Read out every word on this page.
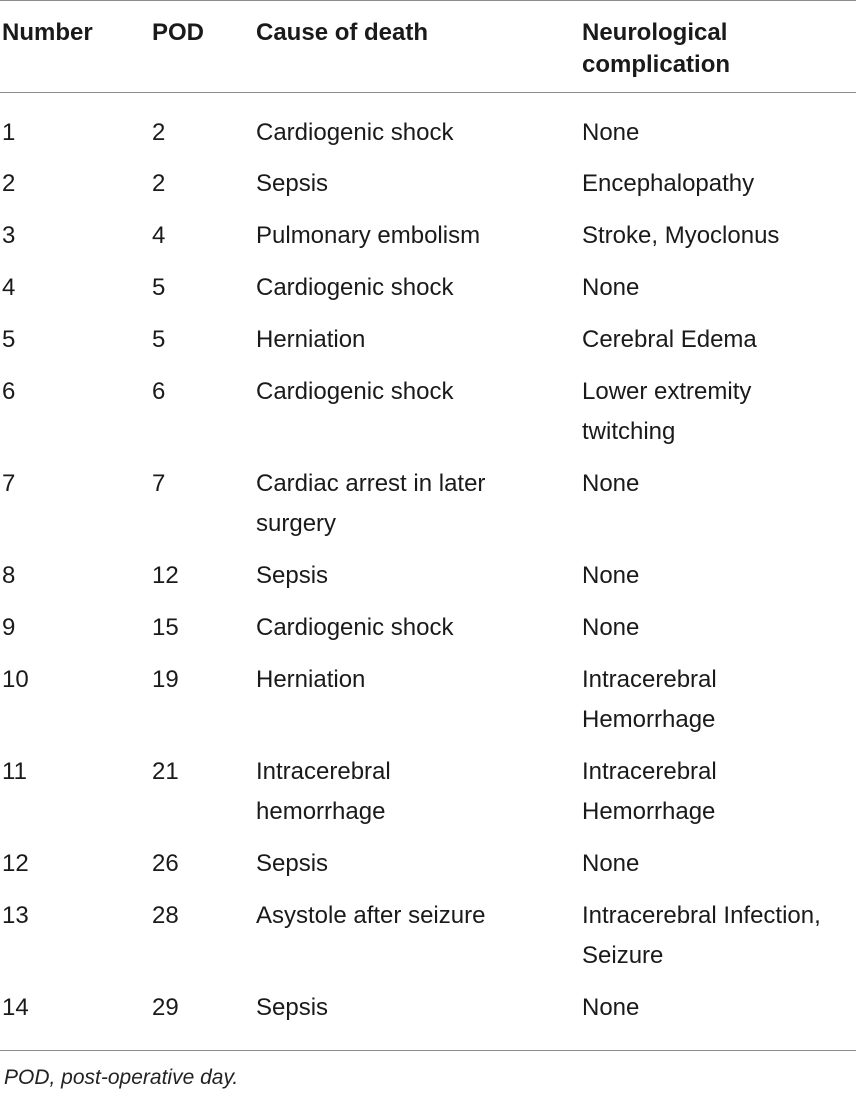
Number	POD	Cause of death	Neurological complication
1	2	Cardiogenic shock	None
2	2	Sepsis	Encephalopathy
3	4	Pulmonary embolism	Stroke, Myoclonus
4	5	Cardiogenic shock	None
5	5	Herniation	Cerebral Edema
6	6	Cardiogenic shock	Lower extremity twitching
7	7	Cardiac arrest in later surgery	None
8	12	Sepsis	None
9	15	Cardiogenic shock	None
10	19	Herniation	Intracerebral Hemorrhage
11	21	Intracerebral hemorrhage	Intracerebral Hemorrhage
12	26	Sepsis	None
13	28	Asystole after seizure	Intracerebral Infection, Seizure
14	29	Sepsis	None
POD, post-operative day.
